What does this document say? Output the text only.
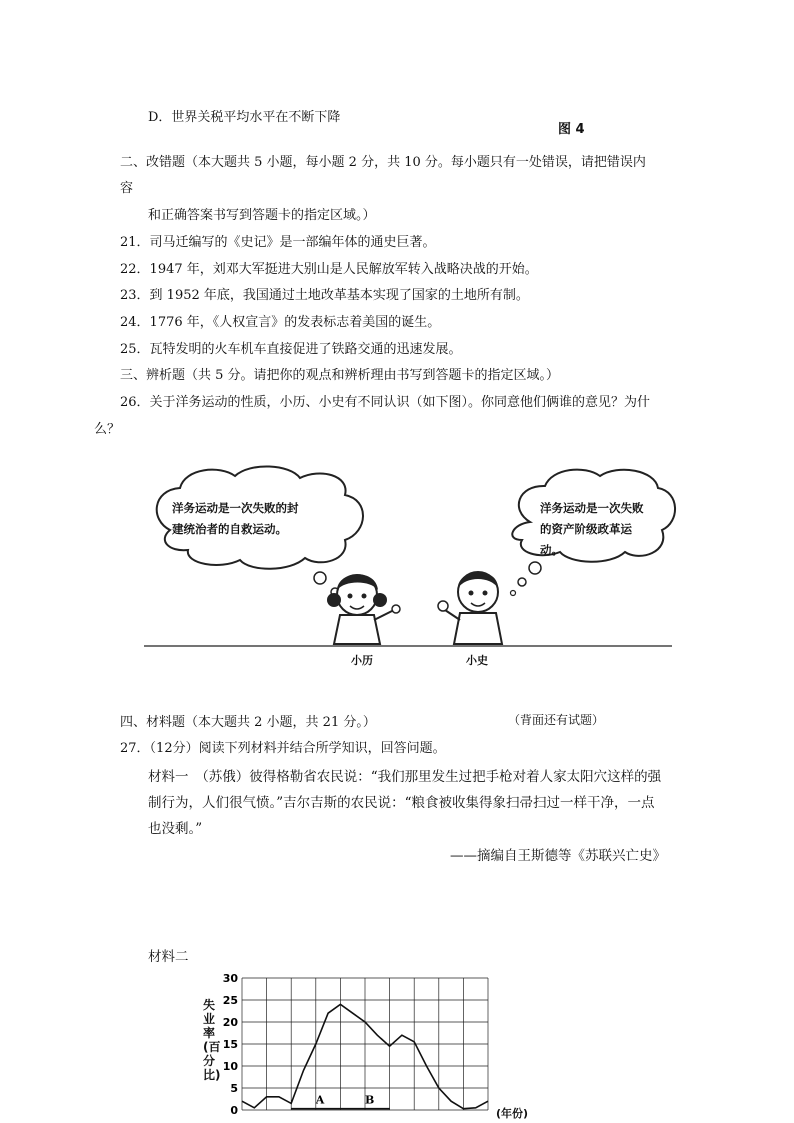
D．世界关税平均水平在不断下降
图 4
二、改错题（本大题共 5 小题，每小题 2 分，共 10 分。每小题只有一处错误，请把错误内
容
和正确答案书写到答题卡的指定区域。）
21．司马迁编写的《史记》是一部编年体的通史巨著。
22．1947 年，刘邓大军挺进大别山是人民解放军转入战略决战的开始。
23．到 1952 年底，我国通过土地改革基本实现了国家的土地所有制。
24．1776 年，《人权宣言》的发表标志着美国的诞生。
25．瓦特发明的火车机车直接促进了铁路交通的迅速发展。
三、辨析题（共 5 分。请把你的观点和辨析理由书写到答题卡的指定区域。）
26．关于洋务运动的性质，小历、小史有不同认识（如下图）。你同意他们俩谁的意见？为什
么？
洋务运动是一次失败的封建统治者的自救运动。
洋务运动是一次失败的资产阶级政革运动。
小历	小史
四、材料题（本大题共 2 小题，共 21 分。）	（背面还有试题）
27．（12分）阅读下列材料并结合所学知识，回答问题。
材料一　（苏俄）彼得格勒省农民说：“我们那里发生过把手枪对着人家太阳穴这样的强
制行为，人们很气愤。”吉尔吉斯的农民说：“粮食被收集得象扫帚扫过一样干净，一点
也没剩。”
——摘编自王斯德等《苏联兴亡史》
材料二
0
5
10
15
20
25
30
A	B
失业率(百分比)
(年份)
